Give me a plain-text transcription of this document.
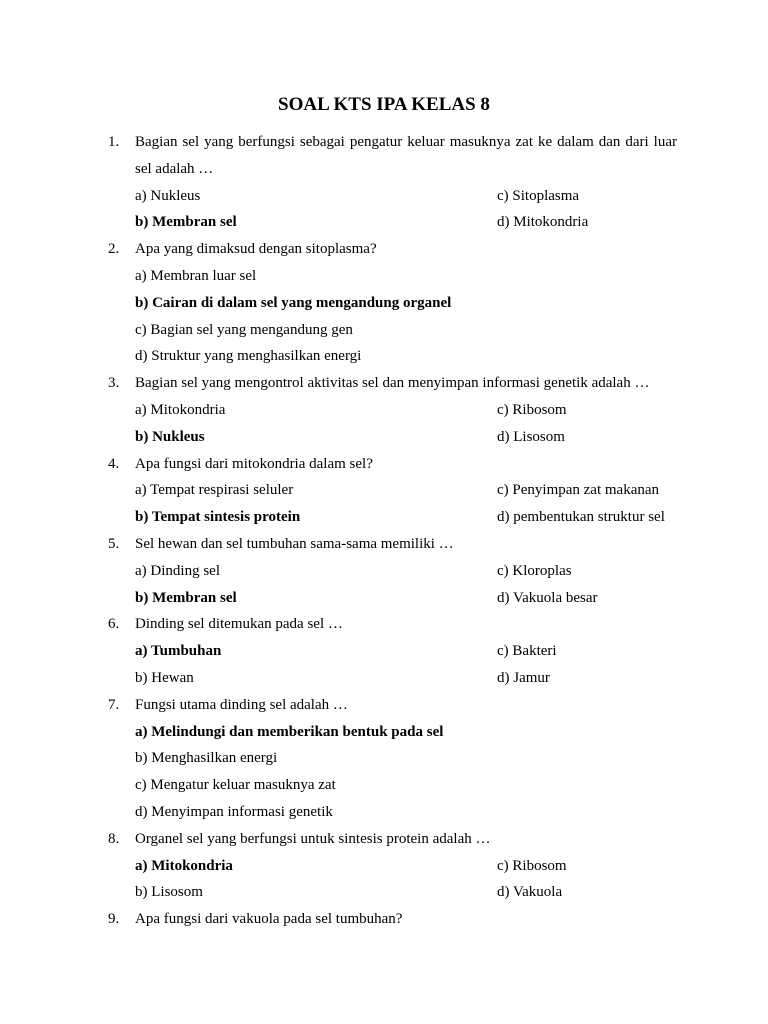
SOAL KTS IPA KELAS 8
1. Bagian sel yang berfungsi sebagai pengatur keluar masuknya zat ke dalam dan dari luar
sel adalah …
a) Nukleus	c) Sitoplasma
b) Membran sel	d) Mitokondria
2. Apa yang dimaksud dengan sitoplasma?
a) Membran luar sel
b) Cairan di dalam sel yang mengandung organel
c) Bagian sel yang mengandung gen
d) Struktur yang menghasilkan energi
3. Bagian sel yang mengontrol aktivitas sel dan menyimpan informasi genetik adalah …
a) Mitokondria	c) Ribosom
b) Nukleus	d) Lisosom
4. Apa fungsi dari mitokondria dalam sel?
a) Tempat respirasi seluler	c) Penyimpan zat makanan
b) Tempat sintesis protein	d) pembentukan struktur sel
5. Sel hewan dan sel tumbuhan sama-sama memiliki …
a) Dinding sel	c) Kloroplas
b) Membran sel	d) Vakuola besar
6. Dinding sel ditemukan pada sel …
a) Tumbuhan	c) Bakteri
b) Hewan	d) Jamur
7. Fungsi utama dinding sel adalah …
a) Melindungi dan memberikan bentuk pada sel
b) Menghasilkan energi
c) Mengatur keluar masuknya zat
d) Menyimpan informasi genetik
8. Organel sel yang berfungsi untuk sintesis protein adalah …
a) Mitokondria	c) Ribosom
b) Lisosom	d) Vakuola
9. Apa fungsi dari vakuola pada sel tumbuhan?
